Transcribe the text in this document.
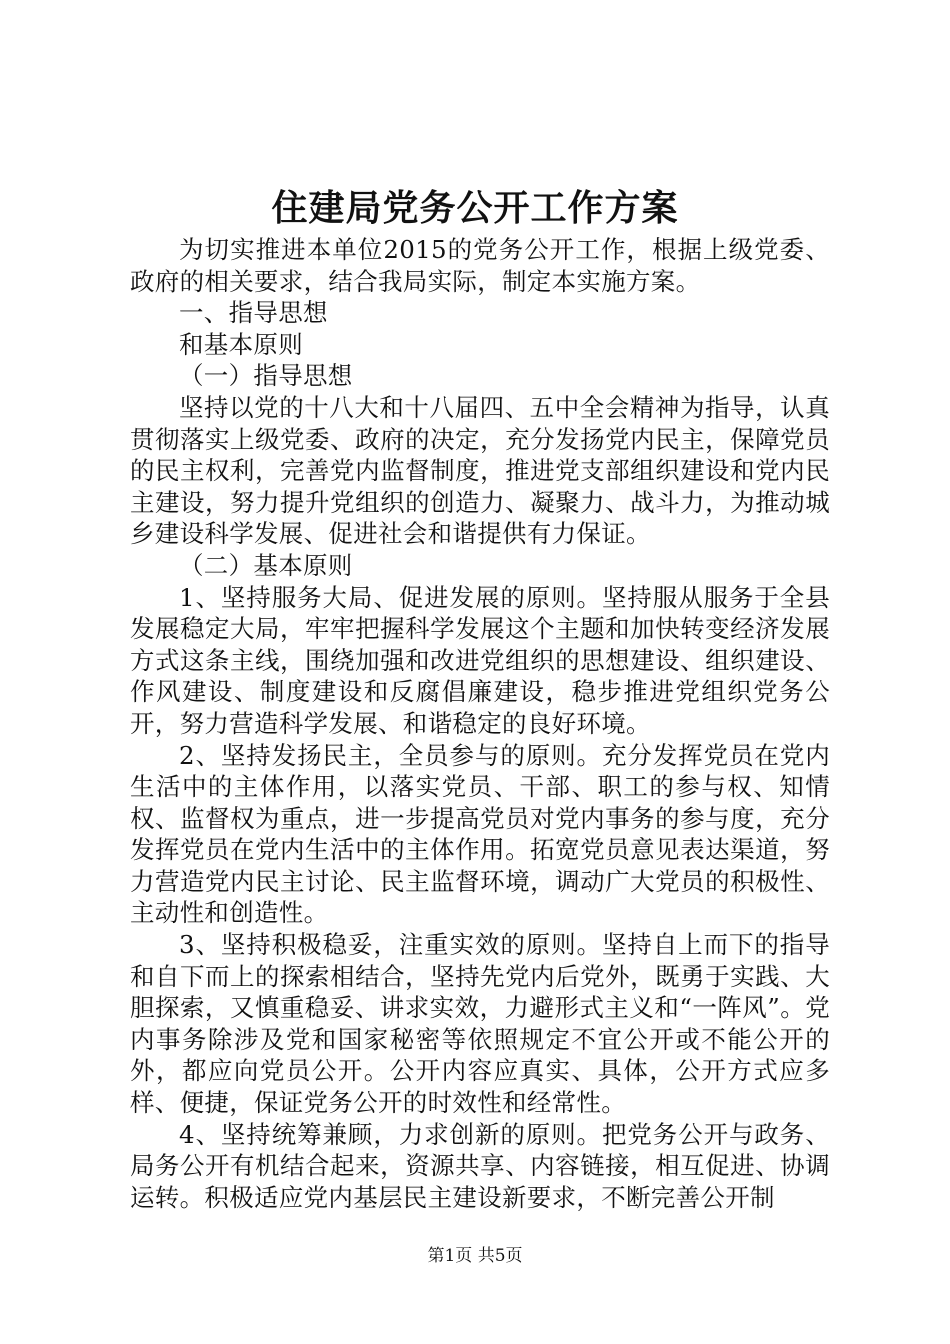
住建局党务公开工作方案

为切实推进本单位2015的党务公开工作，根据上级党委、政府的相关要求，结合我局实际，制定本实施方案。

一、指导思想

和基本原则

（一）指导思想

坚持以党的十八大和十八届四、五中全会精神为指导，认真贯彻落实上级党委、政府的决定，充分发扬党内民主，保障党员的民主权利，完善党内监督制度，推进党支部组织建设和党内民主建设，努力提升党组织的创造力、凝聚力、战斗力，为推动城乡建设科学发展、促进社会和谐提供有力保证。

（二）基本原则

1、坚持服务大局、促进发展的原则。坚持服从服务于全县发展稳定大局，牢牢把握科学发展这个主题和加快转变经济发展方式这条主线，围绕加强和改进党组织的思想建设、组织建设、作风建设、制度建设和反腐倡廉建设，稳步推进党组织党务公开，努力营造科学发展、和谐稳定的良好环境。

2、坚持发扬民主，全员参与的原则。充分发挥党员在党内生活中的主体作用，以落实党员、干部、职工的参与权、知情权、监督权为重点，进一步提高党员对党内事务的参与度，充分发挥党员在党内生活中的主体作用。拓宽党员意见表达渠道，努力营造党内民主讨论、民主监督环境，调动广大党员的积极性、主动性和创造性。

3、坚持积极稳妥，注重实效的原则。坚持自上而下的指导和自下而上的探索相结合，坚持先党内后党外，既勇于实践、大胆探索，又慎重稳妥、讲求实效，力避形式主义和“一阵风”。党内事务除涉及党和国家秘密等依照规定不宜公开或不能公开的外，都应向党员公开。公开内容应真实、具体，公开方式应多样、便捷，保证党务公开的时效性和经常性。

4、坚持统筹兼顾，力求创新的原则。把党务公开与政务、局务公开有机结合起来，资源共享、内容链接，相互促进、协调运转。积极适应党内基层民主建设新要求，不断完善公开制

第1页 共5页
